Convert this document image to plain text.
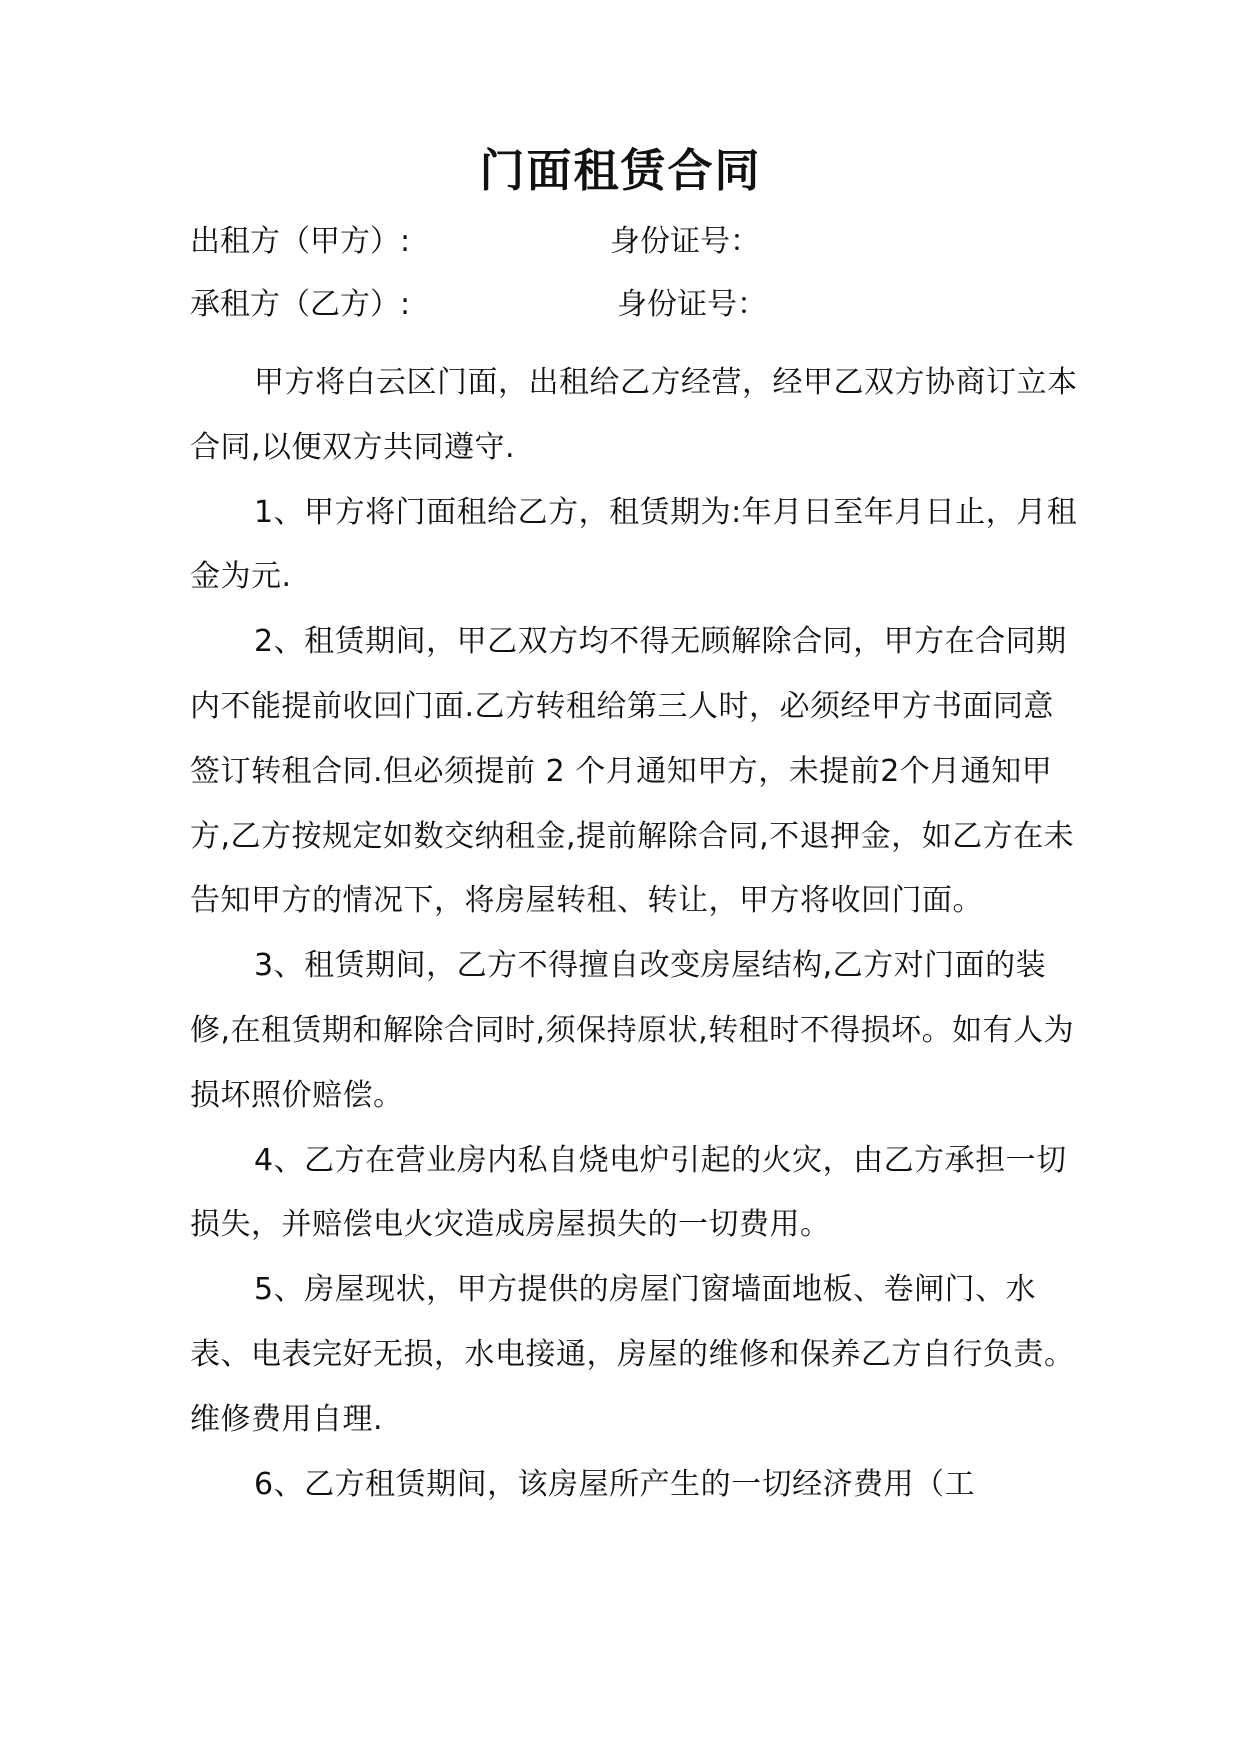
门面租赁合同
出租方（甲方）:	身份证号：
承租方（乙方）:	身份证号：

甲方将白云区门面，出租给乙方经营，经甲乙双方协商订立本合同,以便双方共同遵守.

1、甲方将门面租给乙方，租赁期为:年月日至年月日止，月租金为元.

2、租赁期间，甲乙双方均不得无顾解除合同，甲方在合同期内不能提前收回门面.乙方转租给第三人时，必须经甲方书面同意签订转租合同.但必须提前 2 个月通知甲方，未提前2个月通知甲方,乙方按规定如数交纳租金,提前解除合同,不退押金，如乙方在未告知甲方的情况下，将房屋转租、转让，甲方将收回门面。

3、租赁期间，乙方不得擅自改变房屋结构,乙方对门面的装修,在租赁期和解除合同时,须保持原状,转租时不得损坏。如有人为损坏照价赔偿。

4、乙方在营业房内私自烧电炉引起的火灾，由乙方承担一切损失，并赔偿电火灾造成房屋损失的一切费用。

5、房屋现状，甲方提供的房屋门窗墙面地板、卷闸门、水表、电表完好无损，水电接通，房屋的维修和保养乙方自行负责。维修费用自理.

6、乙方租赁期间，该房屋所产生的一切经济费用（工
